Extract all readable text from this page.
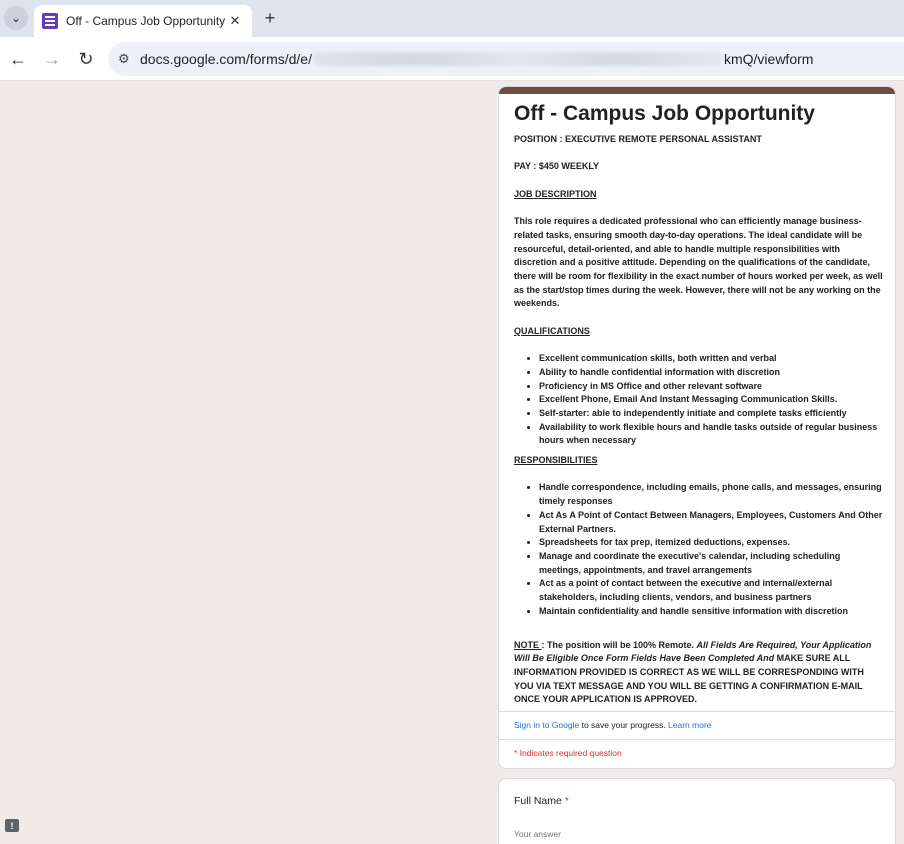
⌄	Off - Campus Job Opportunity ✕	+
← → ↻	⚙ docs.google.com/forms/d/e/	kmQ/viewform
Off - Campus Job Opportunity

POSITION : EXECUTIVE REMOTE PERSONAL ASSISTANT

PAY : $450 WEEKLY

JOB DESCRIPTION

This role requires a dedicated professional who can efficiently manage business-related tasks, ensuring smooth day-to-day operations. The ideal candidate will be resourceful, detail-oriented, and able to handle multiple responsibilities with discretion and a positive attitude. Depending on the qualifications of the candidate, there will be room for flexibility in the exact number of hours worked per week, as well as the start/stop times during the week. However, there will not be any working on the weekends.

QUALIFICATIONS

• Excellent communication skills, both written and verbal
• Ability to handle confidential information with discretion
• Proficiency in MS Office and other relevant software
• Excellent Phone, Email And Instant Messaging Communication Skills.
• Self-starter: able to independently initiate and complete tasks efficiently
• Availability to work flexible hours and handle tasks outside of regular business hours when necessary

RESPONSIBILITIES

• Handle correspondence, including emails, phone calls, and messages, ensuring timely responses
• Act As A Point of Contact Between Managers, Employees, Customers And Other External Partners.
• Spreadsheets for tax prep, itemized deductions, expenses.
• Manage and coordinate the executive's calendar, including scheduling meetings, appointments, and travel arrangements
• Act as a point of contact between the executive and internal/external stakeholders, including clients, vendors, and business partners
• Maintain confidentiality and handle sensitive information with discretion

NOTE : The position will be 100% Remote. All Fields Are Required, Your Application Will Be Eligible Once Form Fields Have Been Completed And MAKE SURE ALL INFORMATION PROVIDED IS CORRECT AS WE WILL BE CORRESPONDING WITH YOU VIA TEXT MESSAGE AND YOU WILL BE GETTING A CONFIRMATION E-MAIL ONCE YOUR APPLICATION IS APPROVED.

Sign in to Google to save your progress. Learn more
* Indicates required question
Full Name *
Your answer
!
